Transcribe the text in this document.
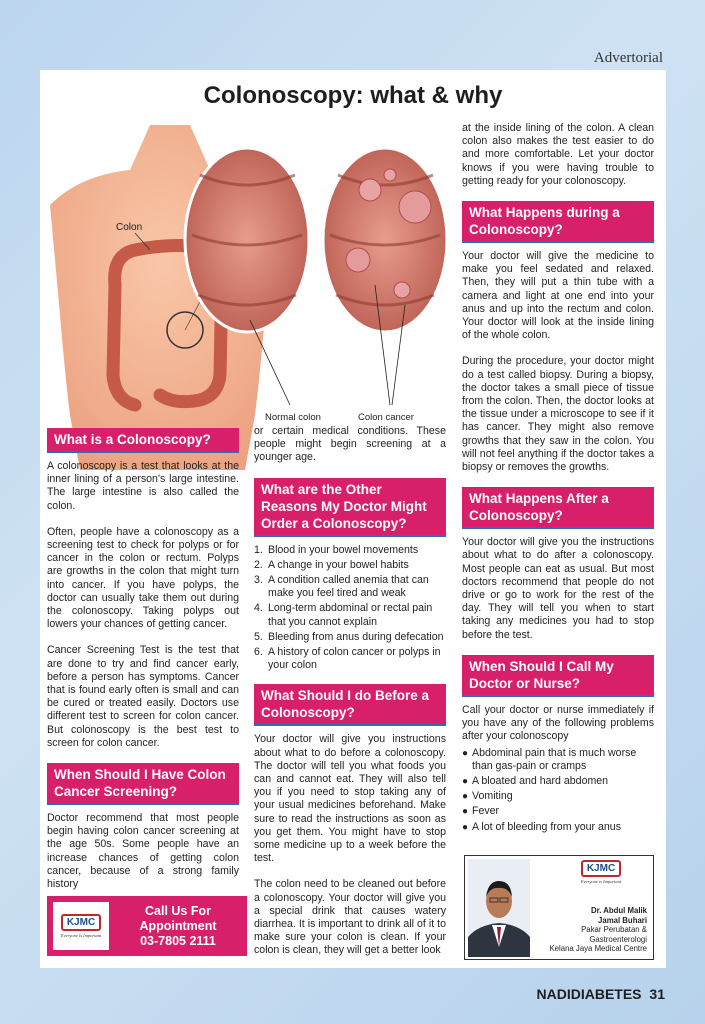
Advertorial
Colonoscopy: what & why
Colon
Normal colon	Colon cancer
What is a Colonoscopy?

A colonoscopy is a test that looks at the inner lining of a person's large intestine. The large intestine is also called the colon.

Often, people have a colonoscopy as a screening test to check for polyps or for cancer in the colon or rectum. Polyps are growths in the colon that might turn into cancer. If you have polyps, the doctor can usually take them out during the colonoscopy. Taking polyps out lowers your chances of getting cancer.

Cancer Screening Test is the test that are done to try and find cancer early, before a person has symptoms. Cancer that is found early often is small and can be cured or treated easily. Doctors use different test to screen for colon cancer. But colonoscopy is the best test to screen for colon cancer.

When Should I Have Colon Cancer Screening?

Doctor recommend that most people begin having colon cancer screening at the age 50s. Some people have an increase chances of getting colon cancer, because of a strong family history

or certain medical conditions. These people might begin screening at a younger age.

What are the Other Reasons My Doctor Might Order a Colonoscopy?
1. Blood in your bowel movements
2. A change in your bowel habits
3. A condition called anemia that can make you feel tired and weak
4. Long-term abdominal or rectal pain that you cannot explain
5. Bleeding from anus during defecation
6. A history of colon cancer or polyps in your colon
What Should I do Before a Colonoscopy?

Your doctor will give you instructions about what to do before a colonoscopy. The doctor will tell you what foods you can and cannot eat. They will also tell you if you need to stop taking any of your usual medicines beforehand. Make sure to read the instructions as soon as you get them. You might have to stop some medicine up to a week before the test.

The colon need to be cleaned out before a colonoscopy. Your doctor will give you a special drink that causes watery diarrhea. It is important to drink all of it to make sure your colon is clean. If your colon is clean, they will get a better look

at the inside lining of the colon. A clean colon also makes the test easier to do and more comfortable. Let your doctor knows if you were having trouble to getting ready for your colonoscopy.

What Happens during a Colonoscopy?

Your doctor will give the medicine to make you feel sedated and relaxed. Then, they will put a thin tube with a camera and light at one end into your anus and up into the rectum and colon. Your doctor will look at the inside lining of the whole colon.

During the procedure, your doctor might do a test called biopsy. During a biopsy, the doctor takes a small piece of tissue from the colon. Then, the doctor looks at the tissue under a microscope to see if it has cancer. They might also remove growths that they saw in the colon. You will not feel anything if the doctor takes a biopsy or removes the growths.

What Happens After a Colonoscopy?

Your doctor will give you the instructions about what to do after a colonoscopy. Most people can eat as usual. But most doctors recommend that people do not drive or go to work for the rest of the day. They will tell you when to start taking any medicines you had to stop before the test.

When Should I Call My Doctor or Nurse?

Call your doctor or nurse immediately if you have any of the following problems after your colonoscopy

● Abdominal pain that is much worse than gas-pain or cramps
● A bloated and hard abdomen
● Vomiting
● Fever
● A lot of bleeding from your anus
KJMC
Everyone is Important
Call Us For
Appointment
03-7805 2111
KJMC
Everyone is Important
Dr. Abdul Malik
Jamal Buhari
Pakar Perubatan &
Gastroenterologi
Kelana Jaya Medical Centre
NADIDIABETES 31
